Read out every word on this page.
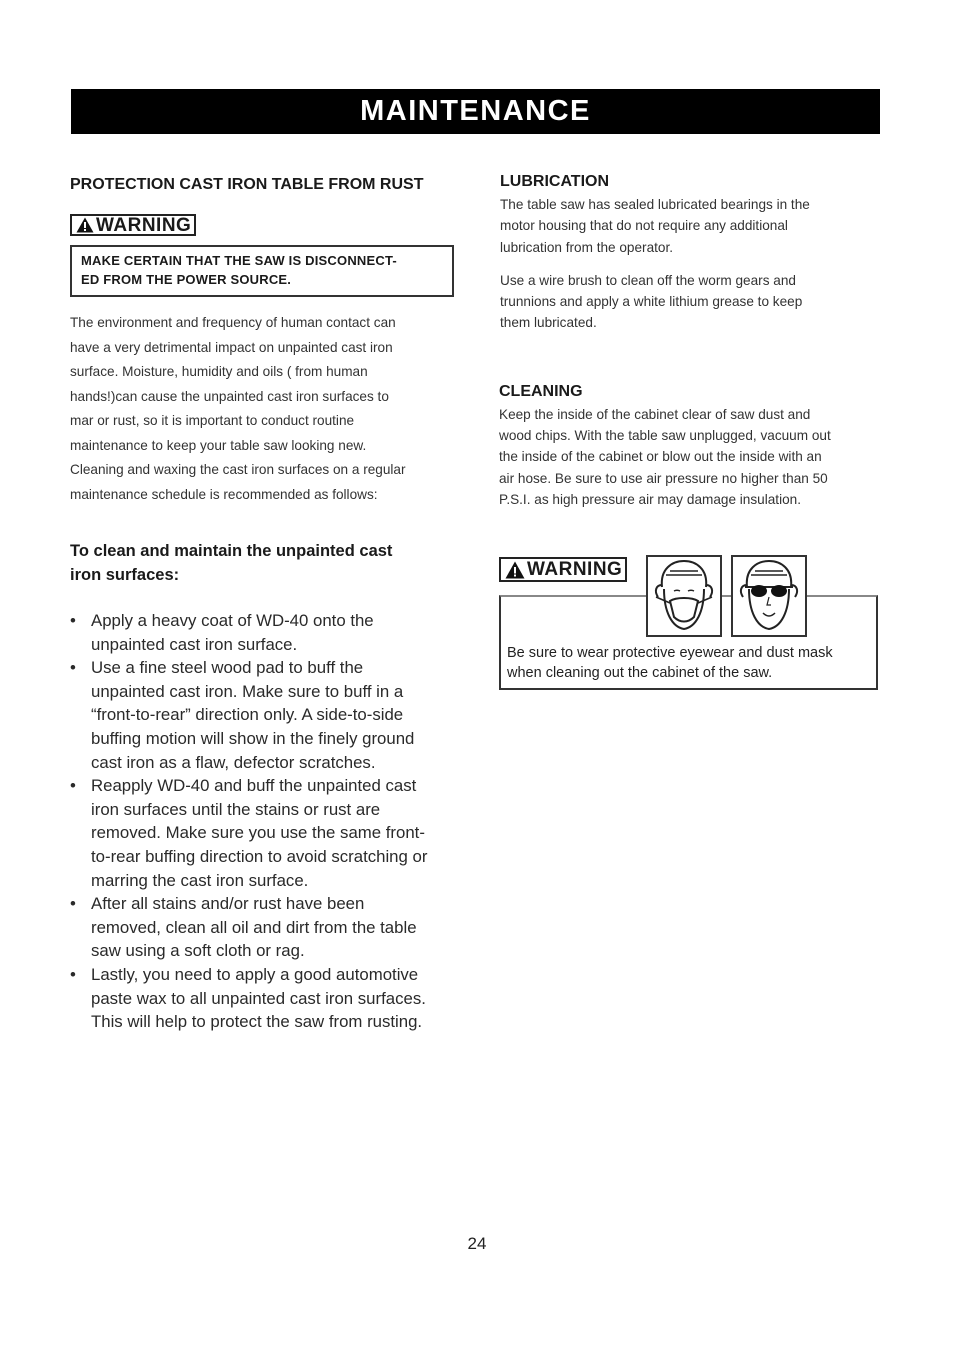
MAINTENANCE

PROTECTION CAST IRON TABLE FROM RUST

WARNING
MAKE CERTAIN THAT THE SAW IS DISCONNECT-
ED FROM THE POWER SOURCE.

The environment and frequency of human contact can

have a very detrimental impact on unpainted cast iron

surface. Moisture, humidity and oils ( from human

hands!)can cause the unpainted cast iron surfaces to

mar or rust, so it is important to conduct routine

maintenance to keep your table saw looking new.

Cleaning and waxing the cast iron surfaces on a regular

maintenance schedule is recommended as follows:

To clean and maintain the unpainted cast

iron surfaces:

• Apply a heavy coat of WD-40 onto the
unpainted cast iron surface.
• Use a fine steel wood pad to buff the
unpainted cast iron. Make sure to buff in a
“front-to-rear” direction only. A side-to-side
buffing motion will show in the finely ground
cast iron as a flaw, defector scratches.
• Reapply WD-40 and buff the unpainted cast
iron surfaces until the stains or rust are
removed. Make sure you use the same front-
to-rear buffing direction to avoid scratching or
marring the cast iron surface.
• After all stains and/or rust have been
removed, clean all oil and dirt from the table
saw using a soft cloth or rag.
• Lastly, you need to apply a good automotive
paste wax to all unpainted cast iron surfaces.
This will help to protect the saw from rusting.

LUBRICATION

The table saw has sealed lubricated bearings in the

motor housing that do not require any additional

lubrication from the operator.

Use a wire brush to clean off the worm gears and

trunnions and apply a white lithium grease to keep

them lubricated.

CLEANING

Keep the inside of the cabinet clear of saw dust and

wood chips. With the table saw unplugged, vacuum out

the inside of the cabinet or blow out the inside with an

air hose. Be sure to use air pressure no higher than 50

P.S.I. as high pressure air may damage insulation.

WARNING
Be sure to wear protective eyewear and dust mask
when cleaning out the cabinet of the saw.
24
